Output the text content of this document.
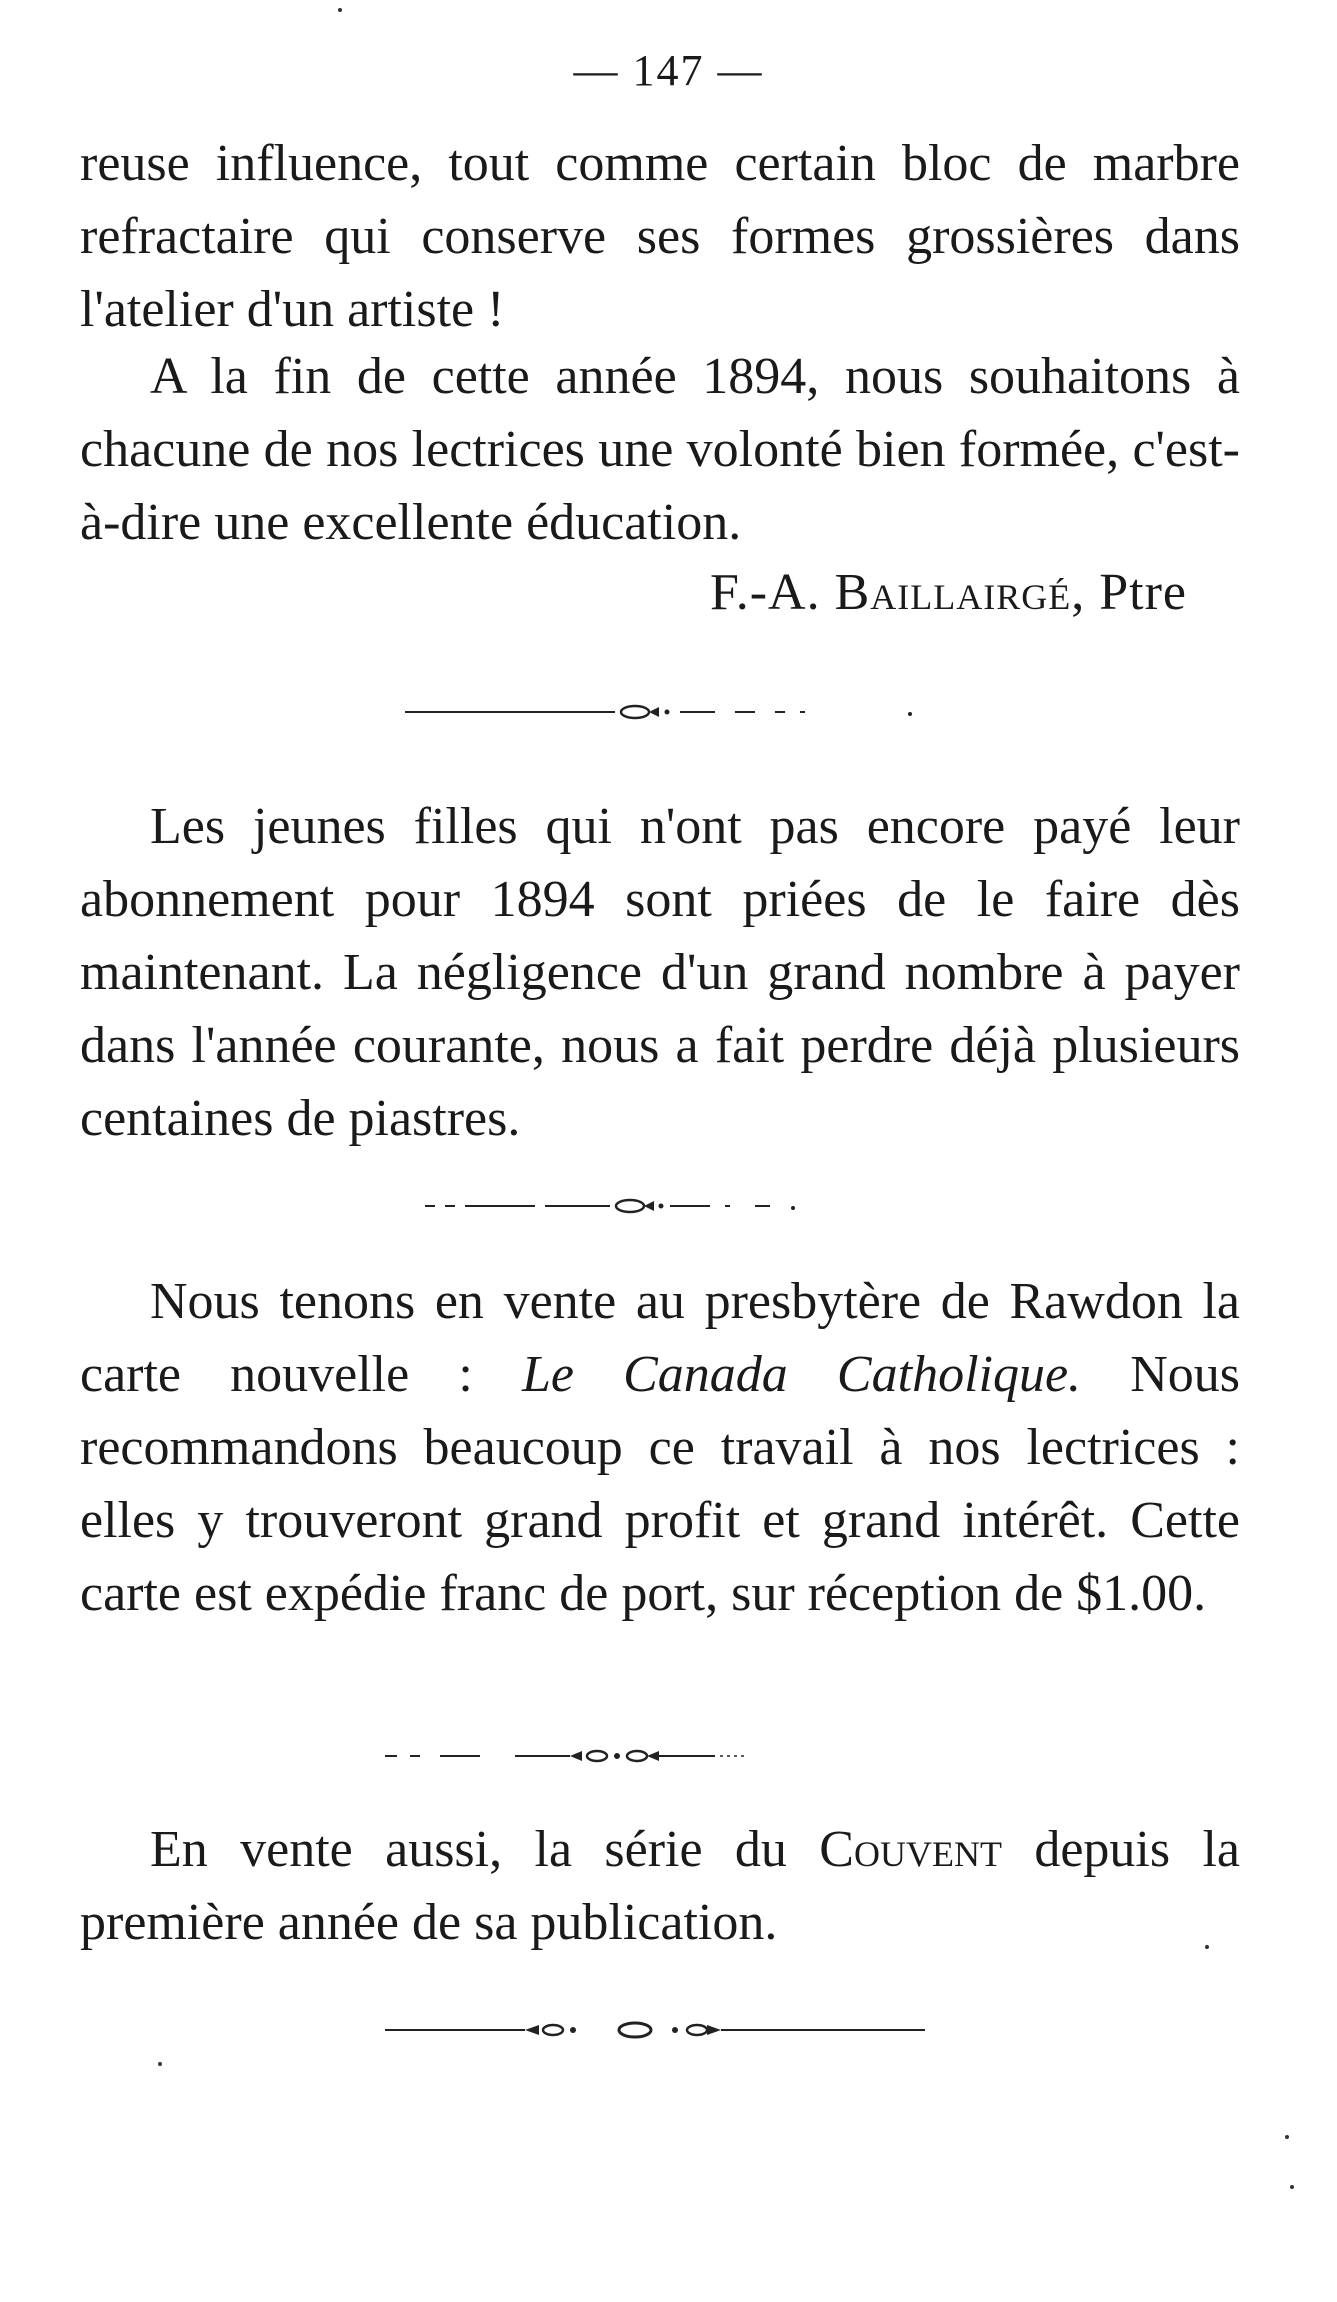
— 147 —

reuse influence, tout comme certain bloc de marbre refractaire qui conserve ses formes grossières dans l'atelier d'un artiste !

A la fin de cette année 1894, nous souhaitons à chacune de nos lectrices une volonté bien formée, c'est-à-dire une excellente éducation.

F.-A. Baillairgé, Ptre

Les jeunes filles qui n'ont pas encore payé leur abonnement pour 1894 sont priées de le faire dès maintenant. La négligence d'un grand nombre à payer dans l'année courante, nous a fait perdre déjà plusieurs centaines de piastres.

Nous tenons en vente au presbytère de Rawdon la carte nouvelle : Le Canada Catholique. Nous recommandons beaucoup ce travail à nos lectrices : elles y trouveront grand profit et grand intérêt. Cette carte est expédie franc de port, sur réception de $1.00.

En vente aussi, la série du Couvent depuis la première année de sa publication.
